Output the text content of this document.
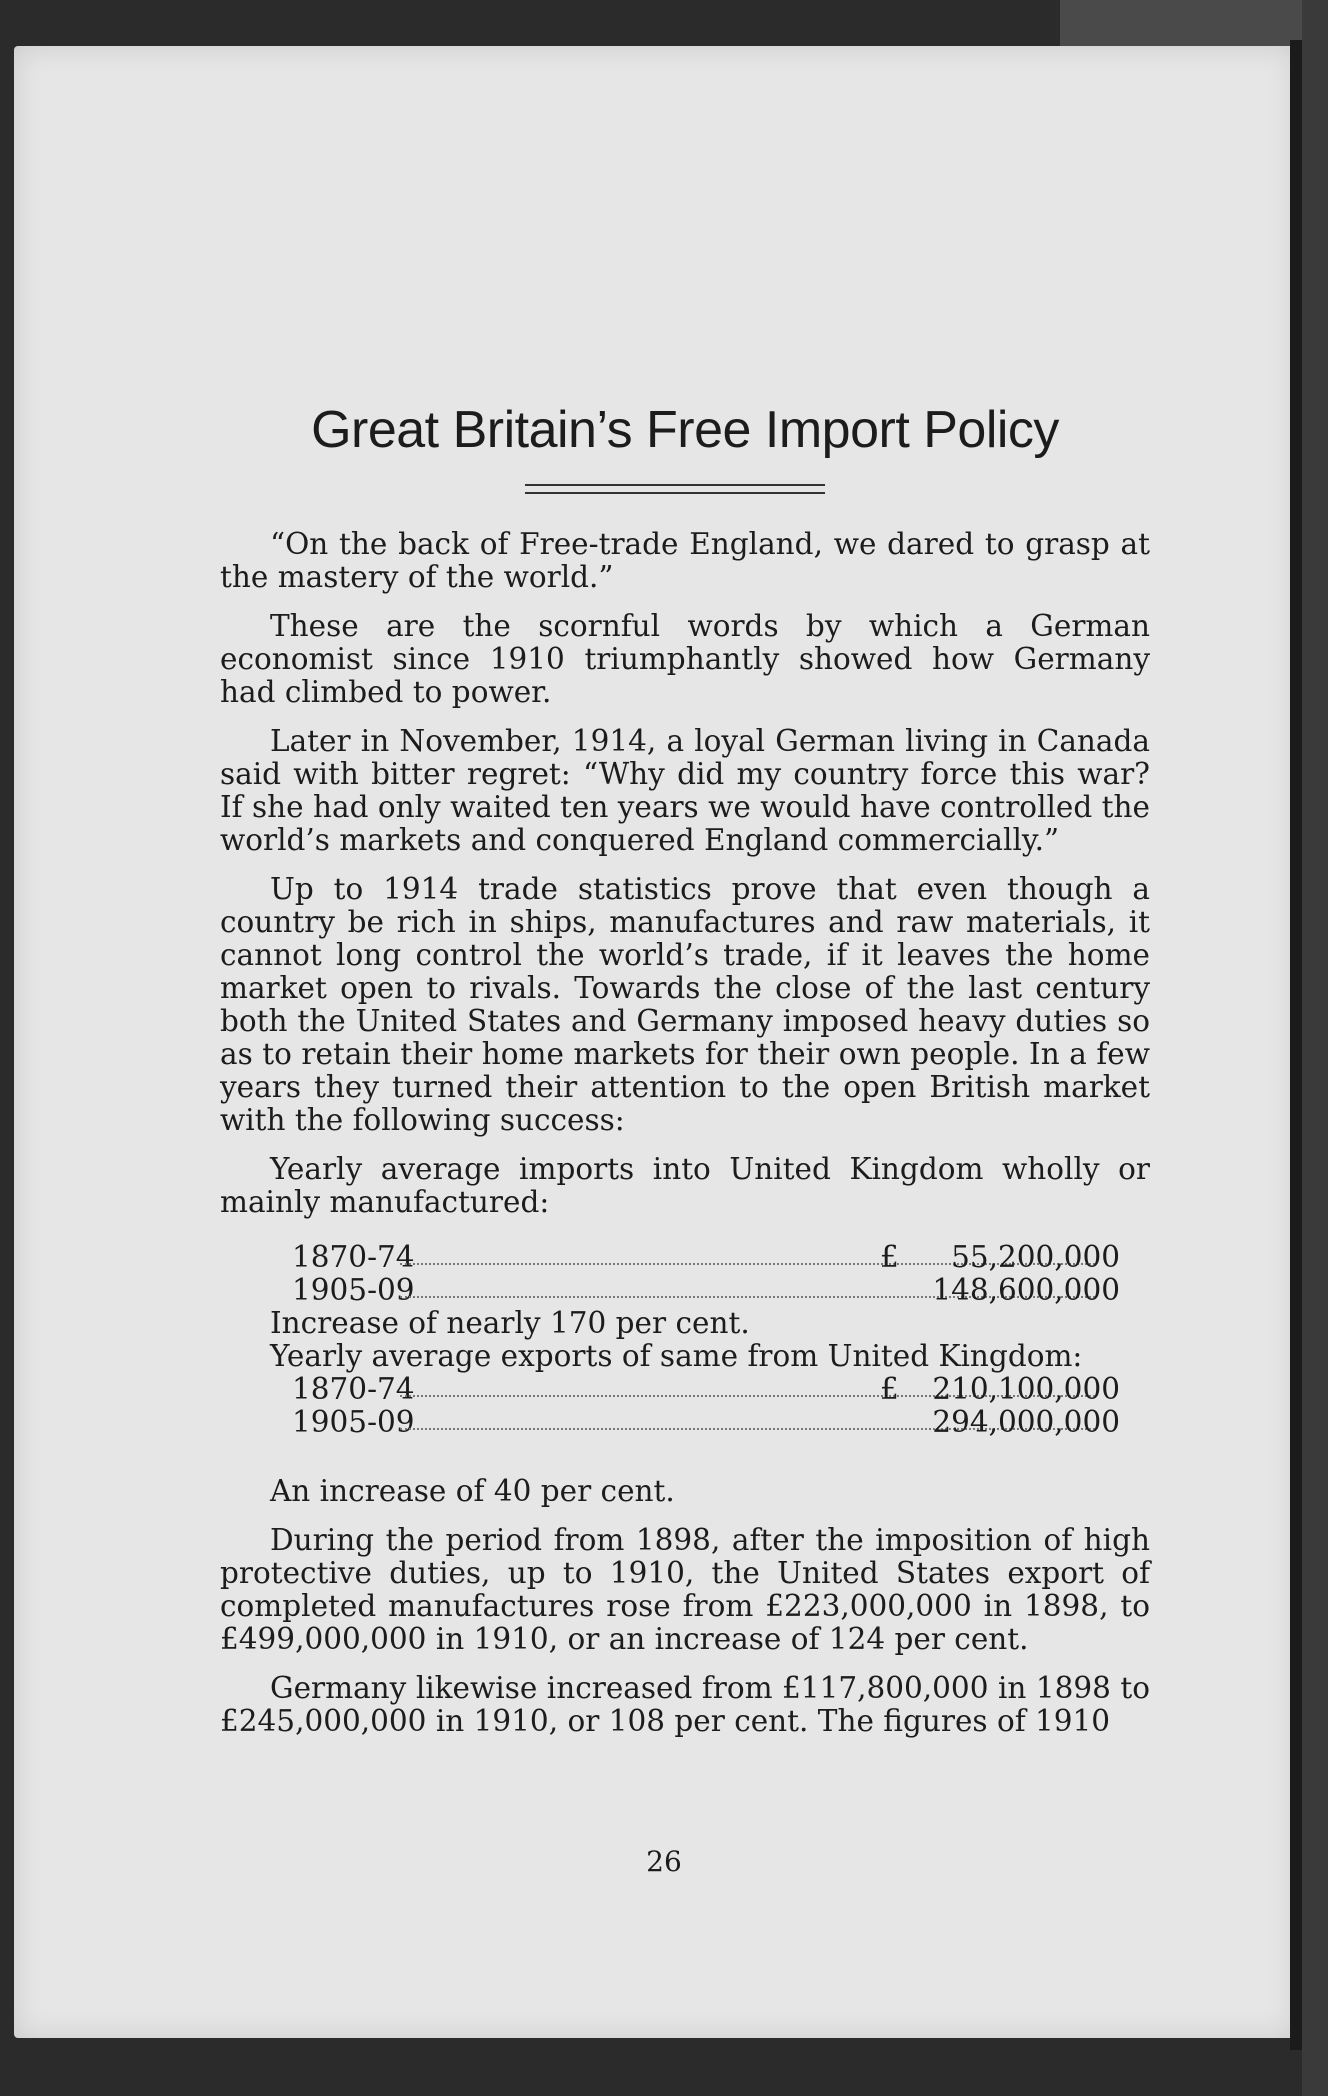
Great Britain’s Free Import Policy

“On the back of Free-trade England, we dared to grasp at the mastery of the world.”

These are the scornful words by which a German economist since 1910 triumphantly showed how Germany had climbed to power.

Later in November, 1914, a loyal German living in Canada said with bitter regret: “Why did my country force this war? If she had only waited ten years we would have controlled the world’s markets and conquered England commercially.”

Up to 1914 trade statistics prove that even though a country be rich in ships, manufactures and raw materials, it cannot long control the world’s trade, if it leaves the home market open to rivals. Towards the close of the last century both the United States and Germany imposed heavy duties so as to retain their home markets for their own people. In a few years they turned their attention to the open British market with the following success:

Yearly average imports into United Kingdom wholly or mainly manufactured:

1870-74	£ 55,200,000
1905-09	148,600,000
Increase of nearly 170 per cent.
Yearly average exports of same from United Kingdom:
1870-74	£ 210,100,000
1905-09	294,000,000

An increase of 40 per cent.

During the period from 1898, after the imposition of high protective duties, up to 1910, the United States export of completed manufactures rose from £223,000,000 in 1898, to £499,000,000 in 1910, or an increase of 124 per cent.

Germany likewise increased from £117,800,000 in 1898 to £245,000,000 in 1910, or 108 per cent. The figures of 1910

26
